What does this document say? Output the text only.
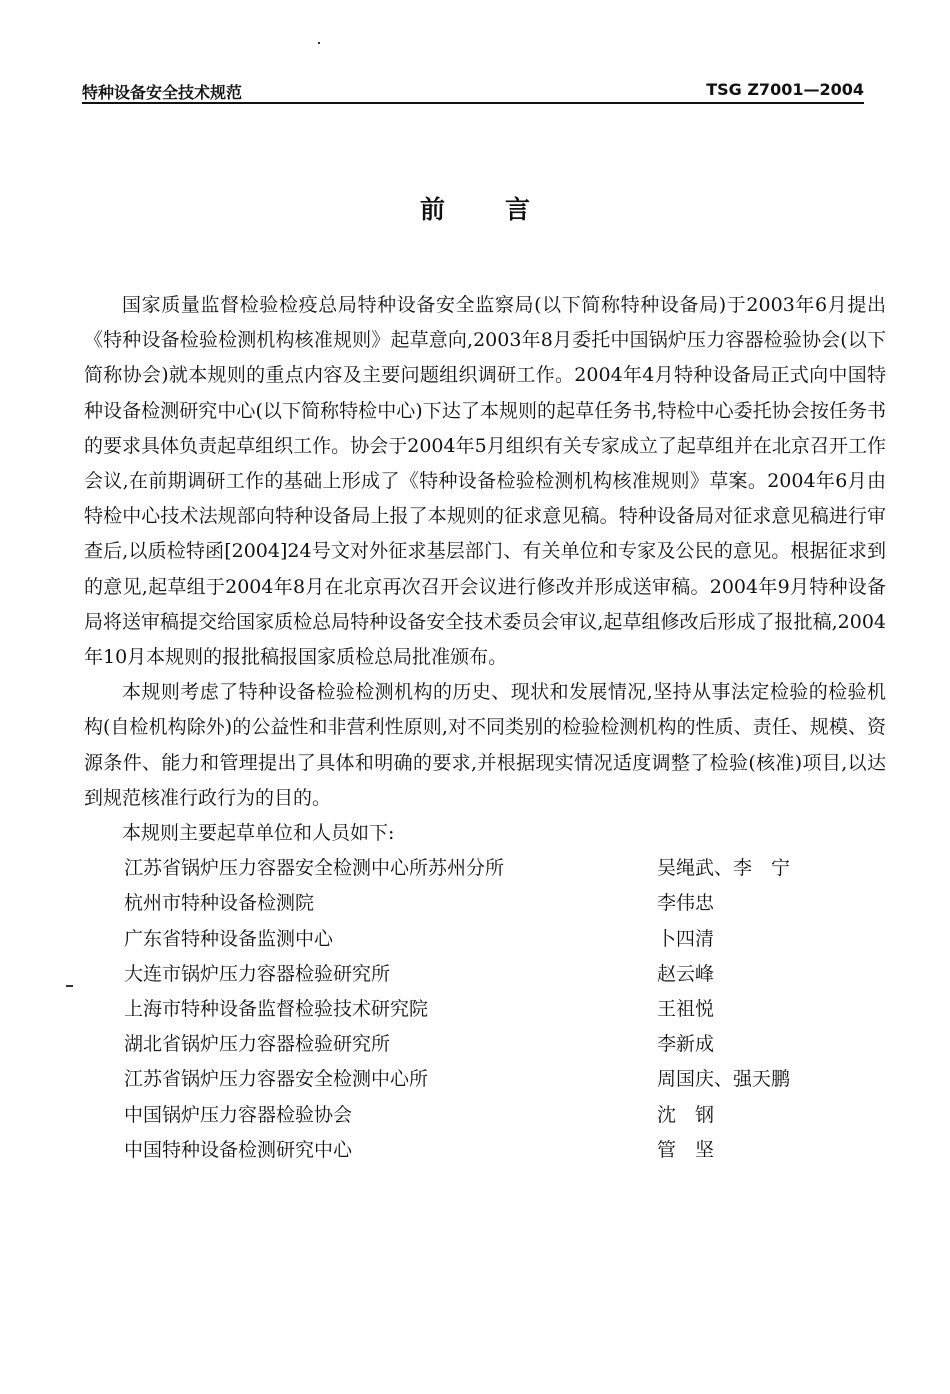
特种设备安全技术规范	TSG Z7001—2004
前 言

国家质量监督检验检疫总局特种设备安全监察局(以下简称特种设备局)于2003年6月提出《特种设备检验检测机构核准规则》起草意向,2003年8月委托中国锅炉压力容器检验协会(以下简称协会)就本规则的重点内容及主要问题组织调研工作。2004年4月特种设备局正式向中国特种设备检测研究中心(以下简称特检中心)下达了本规则的起草任务书,特检中心委托协会按任务书的要求具体负责起草组织工作。协会于2004年5月组织有关专家成立了起草组并在北京召开工作会议,在前期调研工作的基础上形成了《特种设备检验检测机构核准规则》草案。2004年6月由特检中心技术法规部向特种设备局上报了本规则的征求意见稿。特种设备局对征求意见稿进行审查后,以质检特函[2004]24号文对外征求基层部门、有关单位和专家及公民的意见。根据征求到的意见,起草组于2004年8月在北京再次召开会议进行修改并形成送审稿。2004年9月特种设备局将送审稿提交给国家质检总局特种设备安全技术委员会审议,起草组修改后形成了报批稿,2004年10月本规则的报批稿报国家质检总局批准颁布。

本规则考虑了特种设备检验检测机构的历史、现状和发展情况,坚持从事法定检验的检验机构(自检机构除外)的公益性和非营利性原则,对不同类别的检验检测机构的性质、责任、规模、资源条件、能力和管理提出了具体和明确的要求,并根据现实情况适度调整了检验(核准)项目,以达到规范核准行政行为的目的。

本规则主要起草单位和人员如下:

江苏省锅炉压力容器安全检测中心所苏州分所	吴绳武、李　宁
杭州市特种设备检测院	李伟忠
广东省特种设备监测中心	卜四清
大连市锅炉压力容器检验研究所	赵云峰
上海市特种设备监督检验技术研究院	王祖悦
湖北省锅炉压力容器检验研究所	李新成
江苏省锅炉压力容器安全检测中心所	周国庆、强天鹏
中国锅炉压力容器检验协会	沈　钢
中国特种设备检测研究中心	管　坚
